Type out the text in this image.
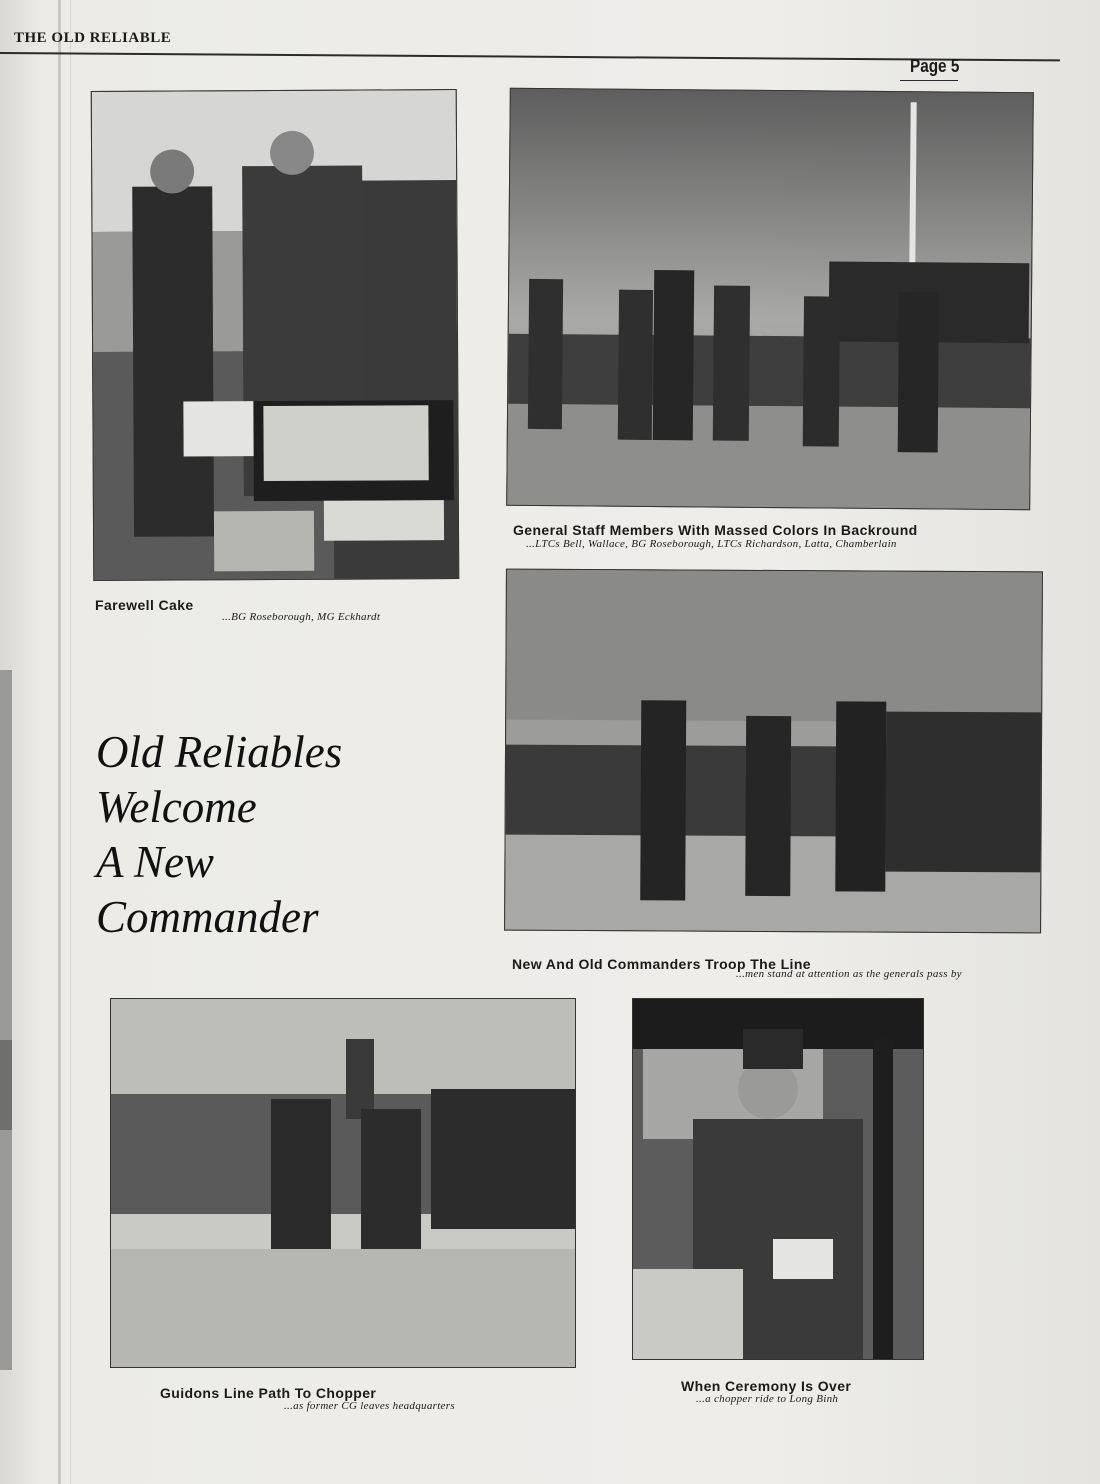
THE OLD RELIABLE
Page 5
Farewell Cake
...BG Roseborough, MG Eckhardt
General Staff Members With Massed Colors In Backround
...LTCs Bell, Wallace, BG Roseborough, LTCs Richardson, Latta, Chamberlain
Old Reliables
Welcome
A New
Commander
New And Old Commanders Troop The Line
...men stand at attention as the generals pass by
Guidons Line Path To Chopper
...as former CG leaves headquarters
When Ceremony Is Over
...a chopper ride to Long Binh
